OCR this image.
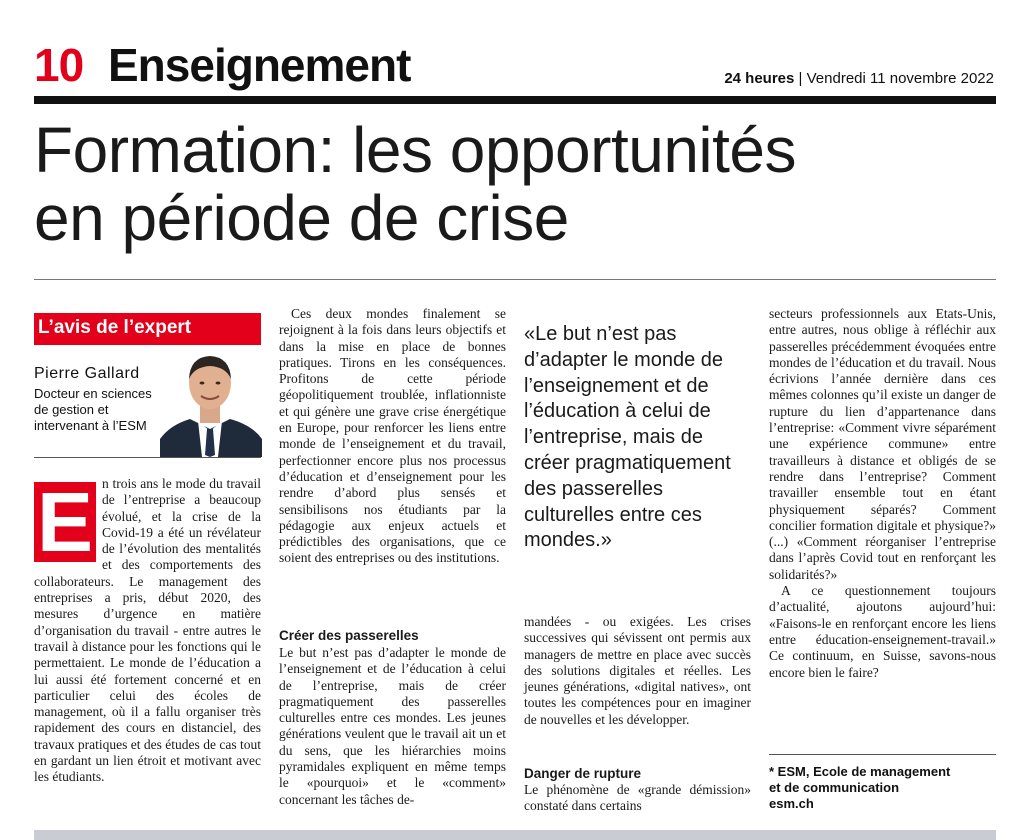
10 Enseignement	24 heures | Vendredi 11 novembre 2022
Formation: les opportunités
en période de crise
L’avis de l’expert
Pierre Gallard
Docteur en sciences de gestion et intervenant à l’ESM
E n trois ans le mode du travail de l’entreprise a beaucoup évolué, et la crise de la Covid-19 a été un révélateur de l’évolution des mentalités et des comportements des collaborateurs. Le management des entreprises a pris, début 2020, des mesures d’urgence en matière d’organisation du travail - entre autres le travail à distance pour les fonctions qui le permettaient. Le monde de l’éducation a lui aussi été fortement concerné et en particulier celui des écoles de management, où il a fallu organiser très rapidement des cours en distanciel, des travaux pratiques et des études de cas tout en gardant un lien étroit et motivant avec les étudiants.

Ces deux mondes finalement se rejoignent à la fois dans leurs objectifs et dans la mise en place de bonnes pratiques. Tirons en les conséquences. Profitons de cette période géopolitiquement troublée, inflationniste et qui génère une grave crise énergétique en Europe, pour renforcer les liens entre monde de l’enseignement et du travail, perfectionner encore plus nos processus d’éducation et d’enseignement pour les rendre d’abord plus sensés et sensibilisons nos étudiants par la pédagogie aux enjeux actuels et prédictibles des organisations, que ce soient des entreprises ou des institutions.

Créer des passerelles

Le but n’est pas d’adapter le monde de l’enseignement et de l’éducation à celui de l’entreprise, mais de créer pragmatiquement des passerelles culturelles entre ces mondes. Les jeunes générations veulent que le travail ait un et du sens, que les hiérarchies moins pyramidales expliquent en même temps le «pourquoi» et le «comment» concernant les tâches de-

«Le but n’est pas d’adapter le monde de l’enseignement et de l’éducation à celui de l’entreprise, mais de créer pragmatiquement des passerelles culturelles entre ces mondes.»

mandées - ou exigées. Les crises successives qui sévissent ont permis aux managers de mettre en place avec succès des solutions digitales et réelles. Les jeunes générations, «digital natives», ont toutes les compétences pour en imaginer de nouvelles et les développer.

Danger de rupture

Le phénomène de «grande démission» constaté dans certains

secteurs professionnels aux Etats-Unis, entre autres, nous oblige à réfléchir aux passerelles précédemment évoquées entre mondes de l’éducation et du travail. Nous écrivions l’année dernière dans ces mêmes colonnes qu’il existe un danger de rupture du lien d’appartenance dans l’entreprise: «Comment vivre séparément une expérience commune» entre travailleurs à distance et obligés de se rendre dans l’entreprise? Comment travailler ensemble tout en étant physiquement séparés? Comment concilier formation digitale et physique?» (...) «Comment réorganiser l’entreprise dans l’après Covid tout en renforçant les solidarités?»

A ce questionnement toujours d’actualité, ajoutons aujourd’hui: «Faisons-le en renforçant encore les liens entre éducation-enseignement-travail.» Ce continuum, en Suisse, savons-nous encore bien le faire?

* ESM, Ecole de management
et de communication
esm.ch
